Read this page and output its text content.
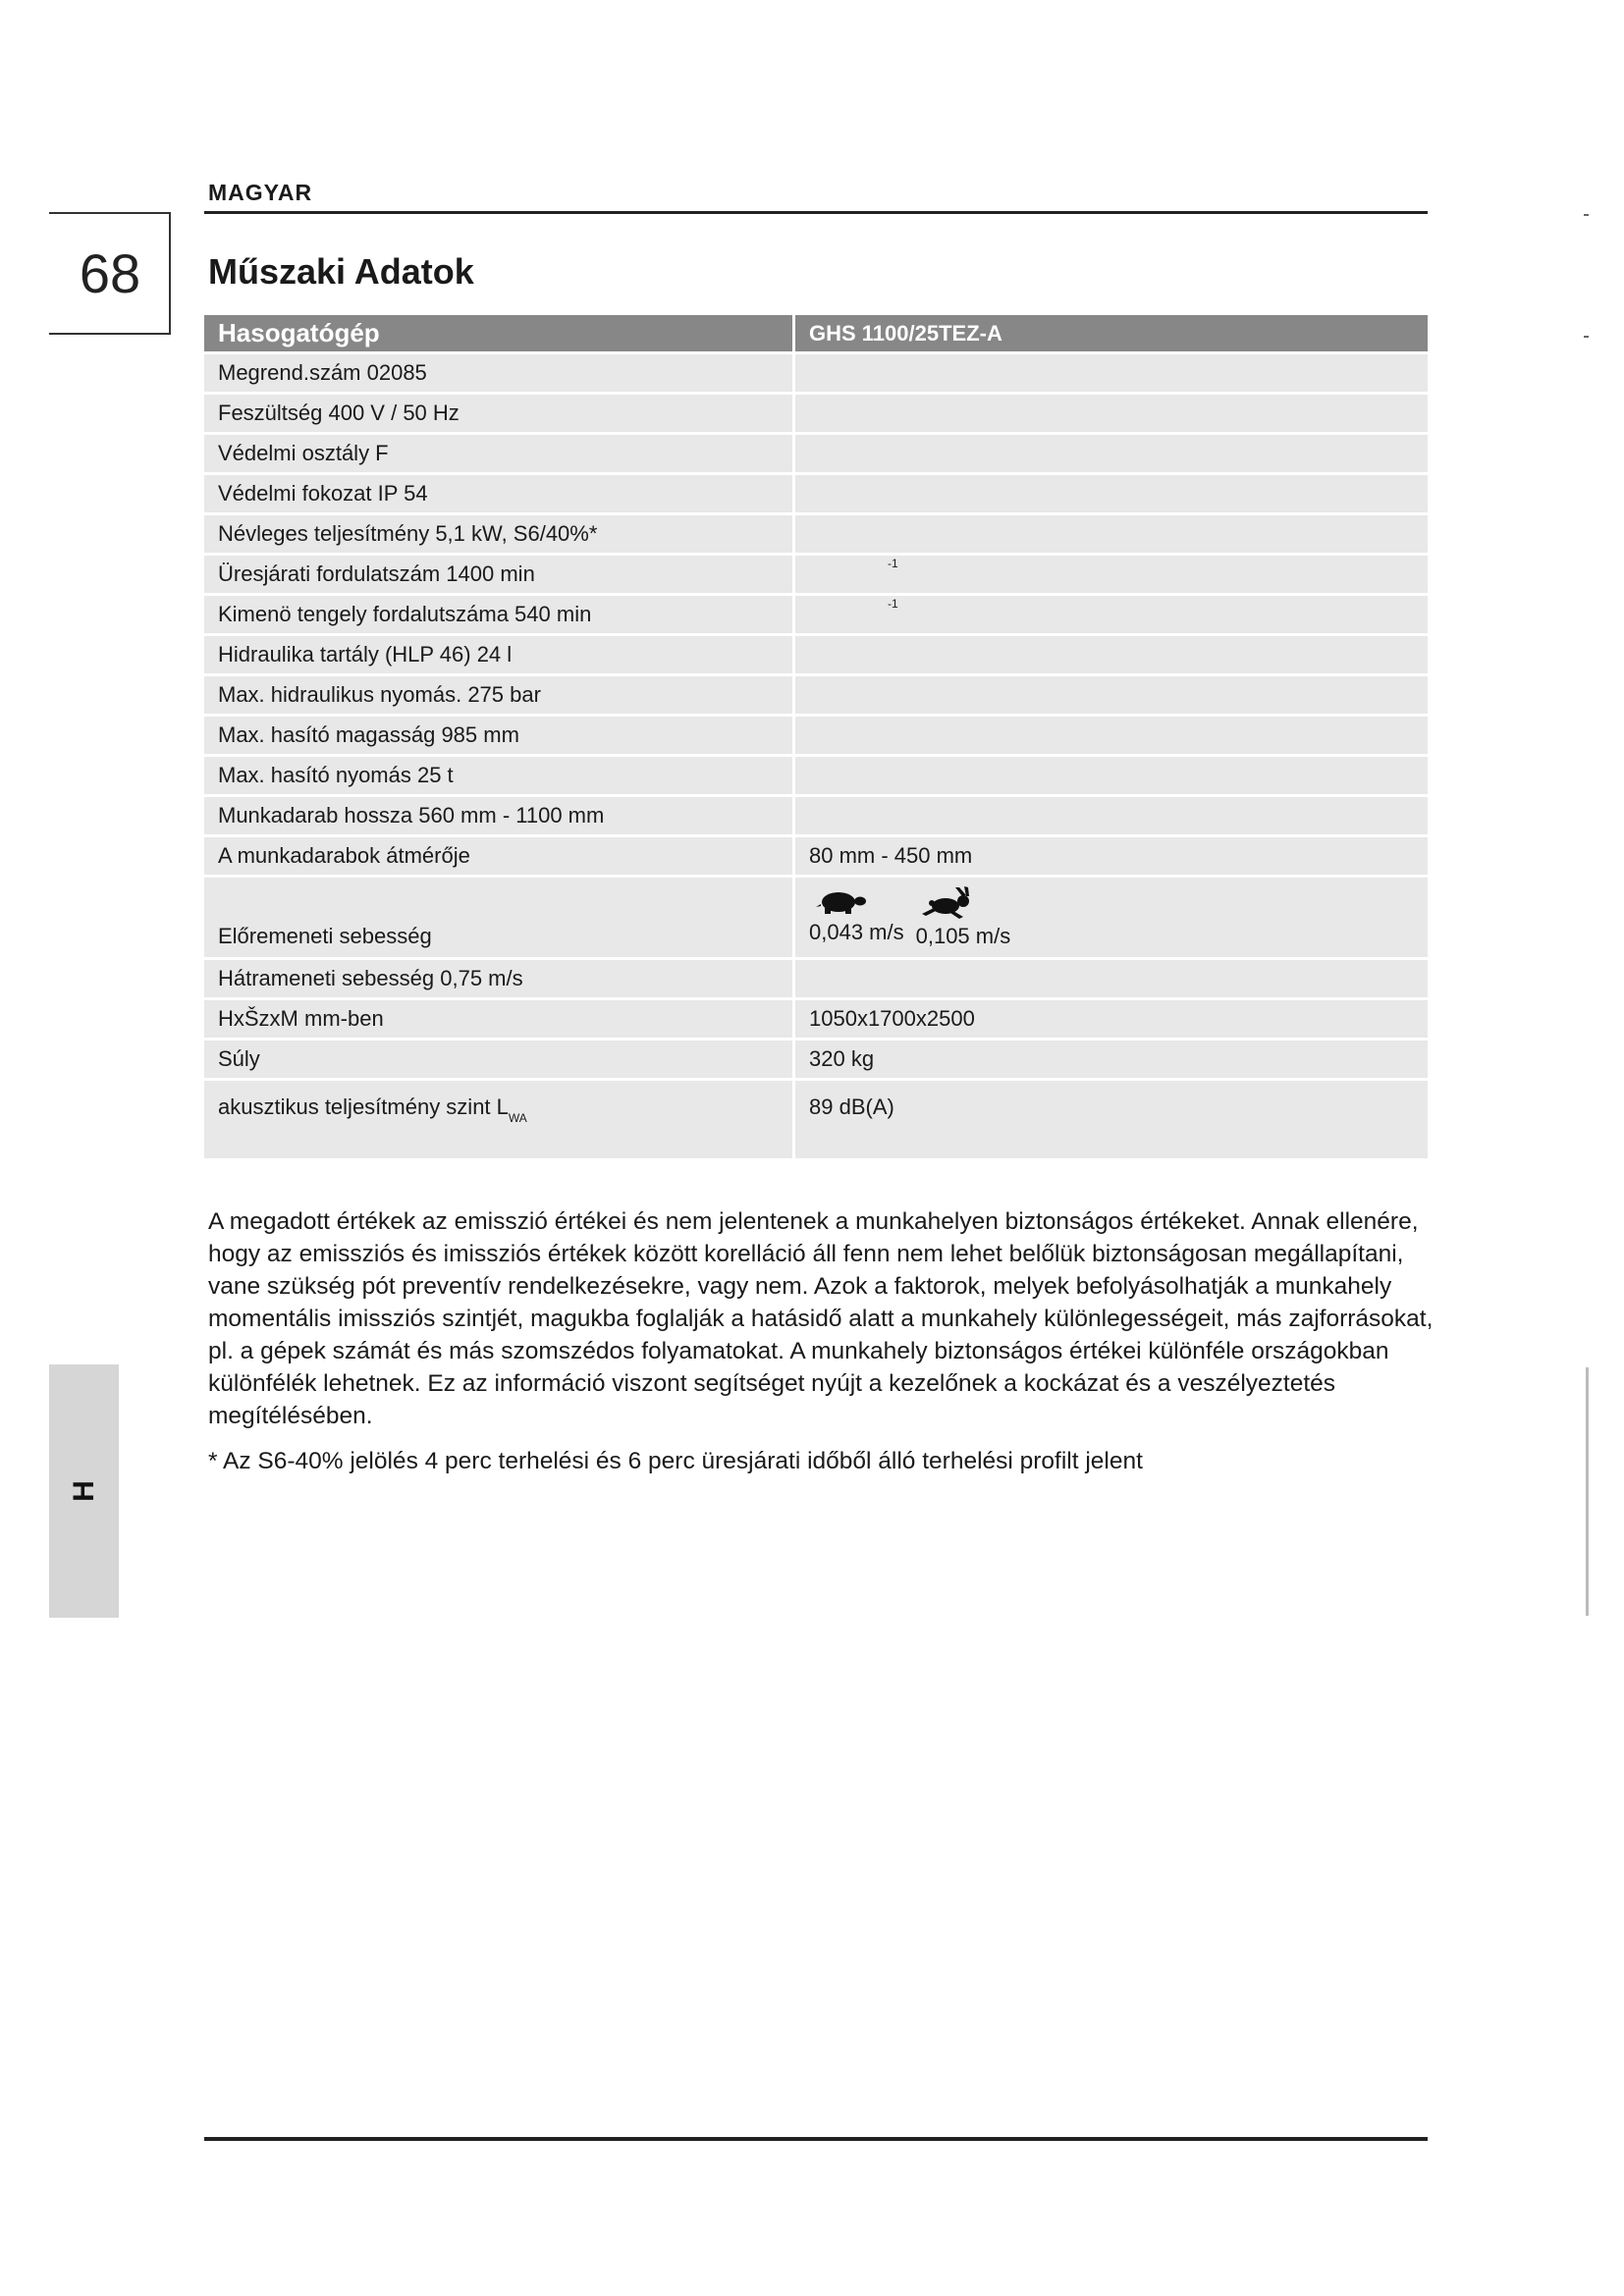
MAGYAR
68	Műszaki Adatok
Hasogatógép	GHS 1100/25TEZ-A
Megrend.szám 02085	
Feszültség 400 V / 50 Hz	
Védelmi osztály F	
Védelmi fokozat IP 54	
Névleges teljesítmény 5,1 kW, S6/40%*	
Üresjárati fordulatszám 1400 min	$^{-1}$
Kimenö tengely fordalutszáma 540 min	$^{-1}$
Hidraulika tartály (HLP 46) 24 l	
Max. hidraulikus nyomás. 275 bar	
Max. hasító magasság 985 mm	
Max. hasító nyomás 25 t	
Munkadarab hossza 560 mm - 1100 mm	
A munkadarabok átmérője	80 mm - 450 mm
Előremeneti sebesség	0,043 m/s 0,105 m/s

Hátrameneti sebesség 0,75 m/s	
HxŠzxM mm-ben	1050x1700x2500
Súly	320 kg
akusztikus teljesítmény szint $L_{WA}$	89 dB(A)

A megadott értékek az emisszió értékei és nem jelentenek a munkahelyen biztonságos értékeket. Annak ellenére, hogy az emissziós és imissziós értékek között korelláció áll fenn nem lehet belőlük biztonságosan megállapítani, vane szükség pót preventív rendelkezésekre, vagy nem. Azok a faktorok, melyek befolyásolhatják a munkahely momentális imissziós szintjét, magukba foglalják a hatásidő alatt a munkahely különlegességeit, más zajforrásokat, pl. a gépek számát és más szomszédos folyamatokat. A munkahely biztonságos értékei különféle országokban különfélék lehetnek. Ez az információ viszont segítséget nyújt a kezelőnek a kockázat és a veszélyeztetés megítélésében.

* Az S6-40% jelölés 4 perc terhelési és 6 perc üresjárati időből álló terhelési profilt jelent

H
